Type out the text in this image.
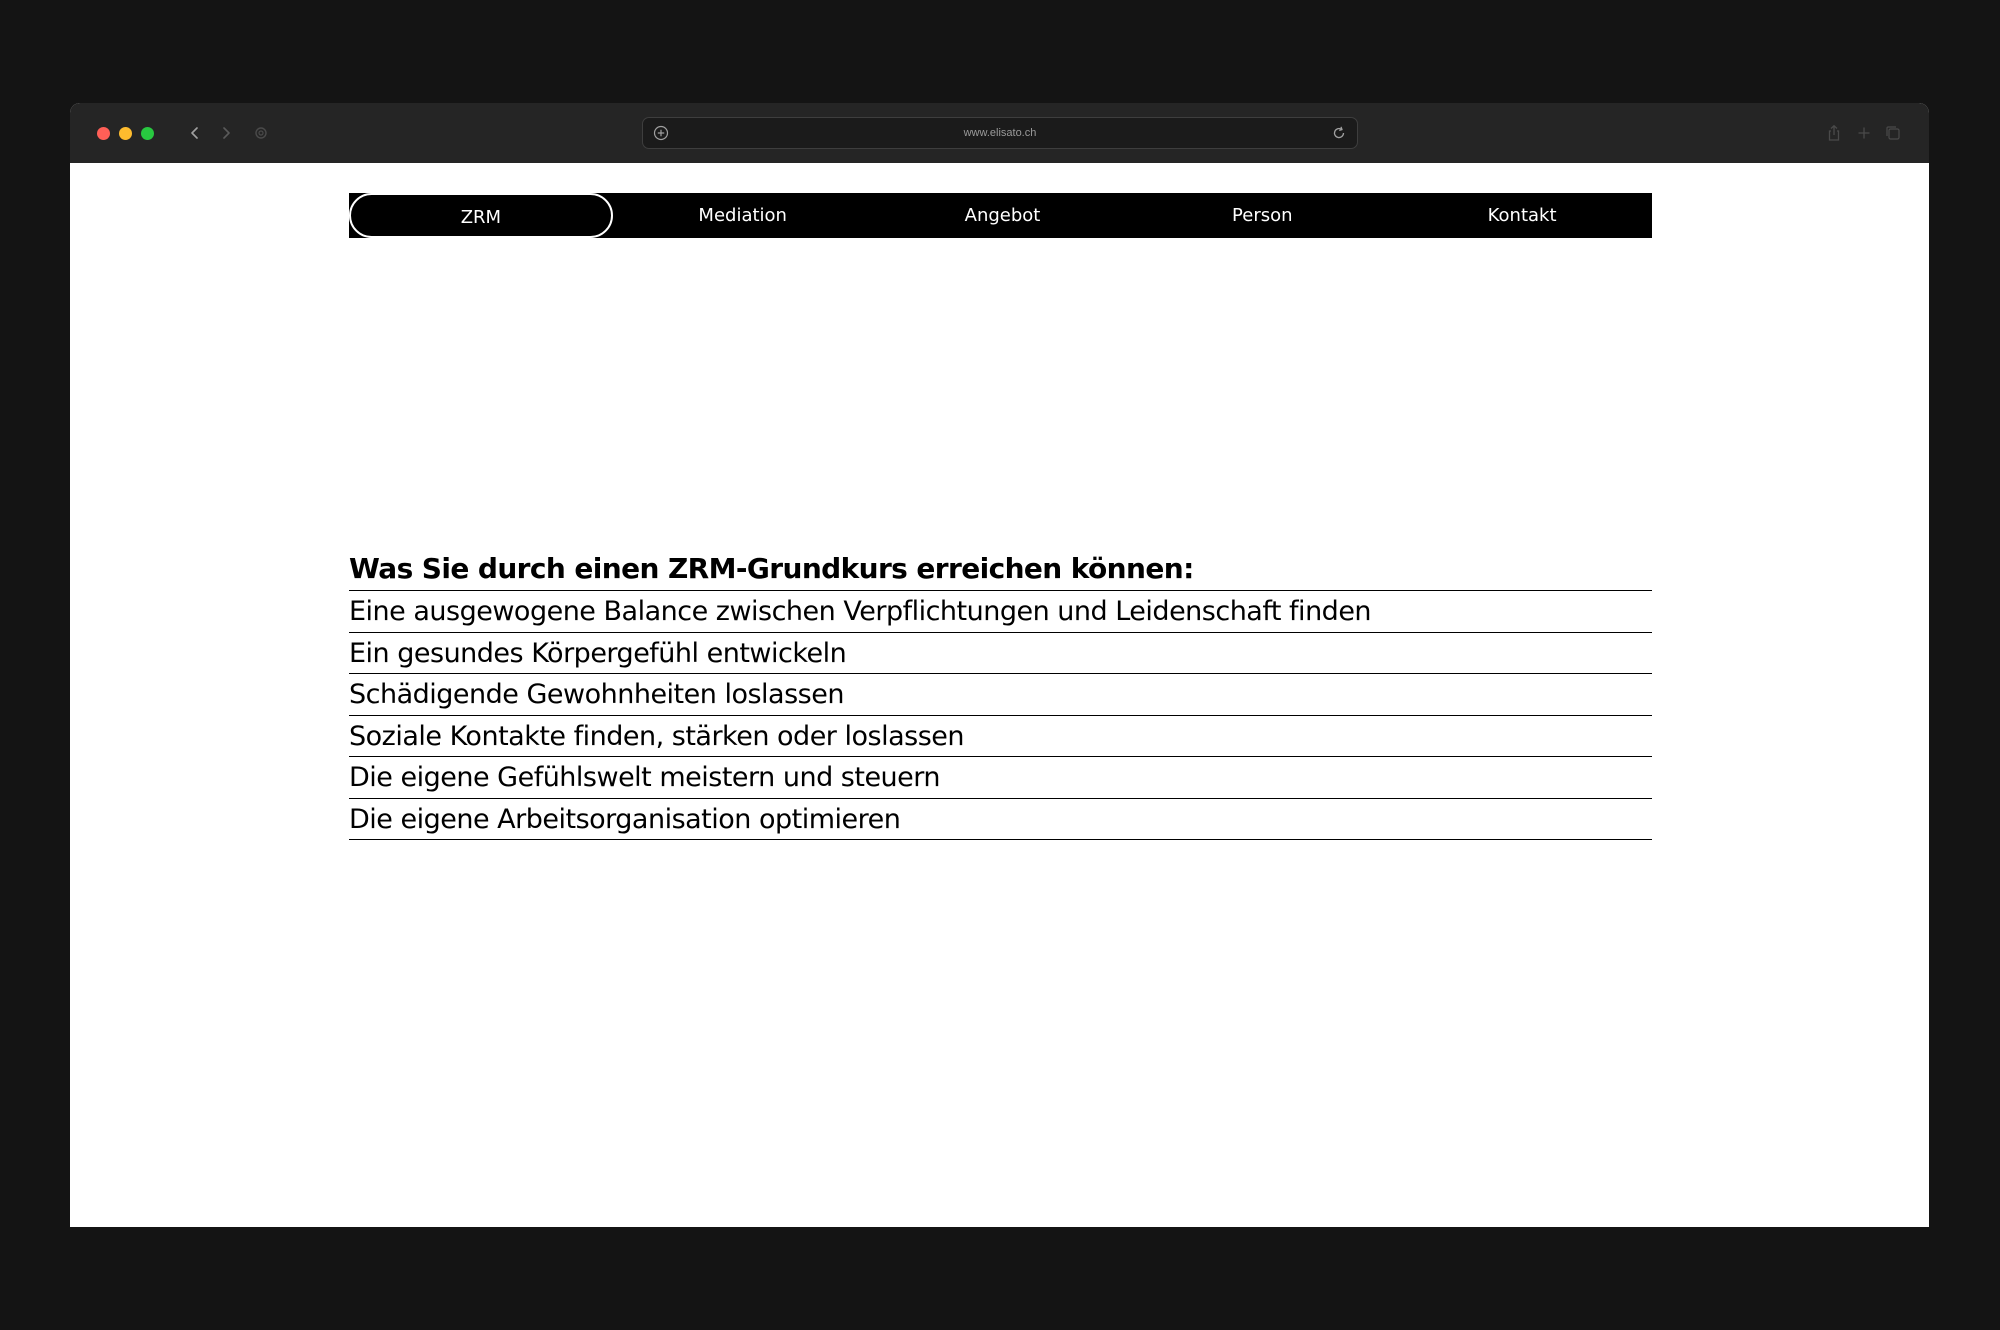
www.elisato.ch
ZRM	Mediation	Angebot	Person	Kontakt
Was Sie durch einen ZRM-Grundkurs erreichen können:
Eine ausgewogene Balance zwischen Verpflichtungen und Leidenschaft finden
Ein gesundes Körpergefühl entwickeln
Schädigende Gewohnheiten loslassen
Soziale Kontakte finden, stärken oder loslassen
Die eigene Gefühlswelt meistern und steuern
Die eigene Arbeitsorganisation optimieren
